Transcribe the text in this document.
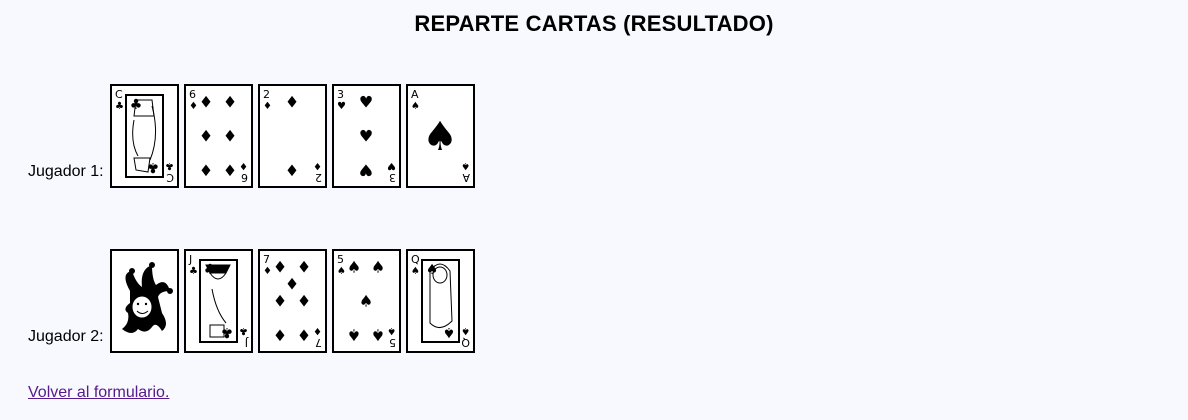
REPARTE CARTAS (RESULTADO)
Jugador 1:
C
♣
C
♣
♣
♣
6
♦
6
♦
♦ ♦
♦ ♦
♦ ♦
2
♦
2
♦
♦
♦
3
♥
3
♥
♥
♥
♥
A
♠
A
♠
♠
Jugador 2:
J
♣
J
♣
♣
♣
7
♦
7
♦
♦ ♦
♦
♦ ♦
♦ ♦
5
♠
5
♠
♠ ♠
♠
♠ ♠
Q
♠
Q
♠
♠
♠
Volver al formulario.
